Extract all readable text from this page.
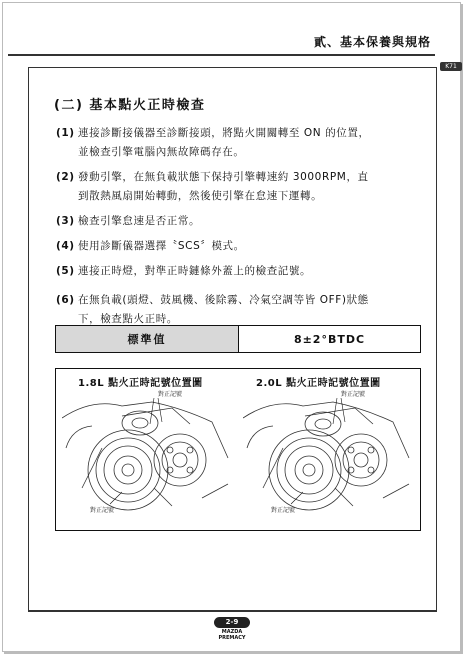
貳、基本保養與規格
K71
(二) 基本點火正時檢查
(1) 連接診斷接儀器至診斷接頭，將點火開關轉至 ON 的位置，
並檢查引擎電腦內無故障碼存在。
(2) 發動引擎，在無負載狀態下保持引擎轉速約 3000RPM，直
到散熱風扇開始轉動，然後使引擎在怠速下運轉。
(3) 檢查引擎怠速是否正常。
(4) 使用診斷儀器選擇〝SCS〞模式。
(5) 連接正時燈，對準正時鏈條外蓋上的檢查記號。
(6) 在無負載(頭燈、鼓風機、後除霧、冷氣空調等皆 OFF)狀態
下，檢查點火正時。
標準值	8±2°BTDC
1.8L 點火正時記號位置圖	2.0L 點火正時記號位置圖
對正記號
對正記號
對正記號
對正記號
2-9
MAZDA PREMACY
